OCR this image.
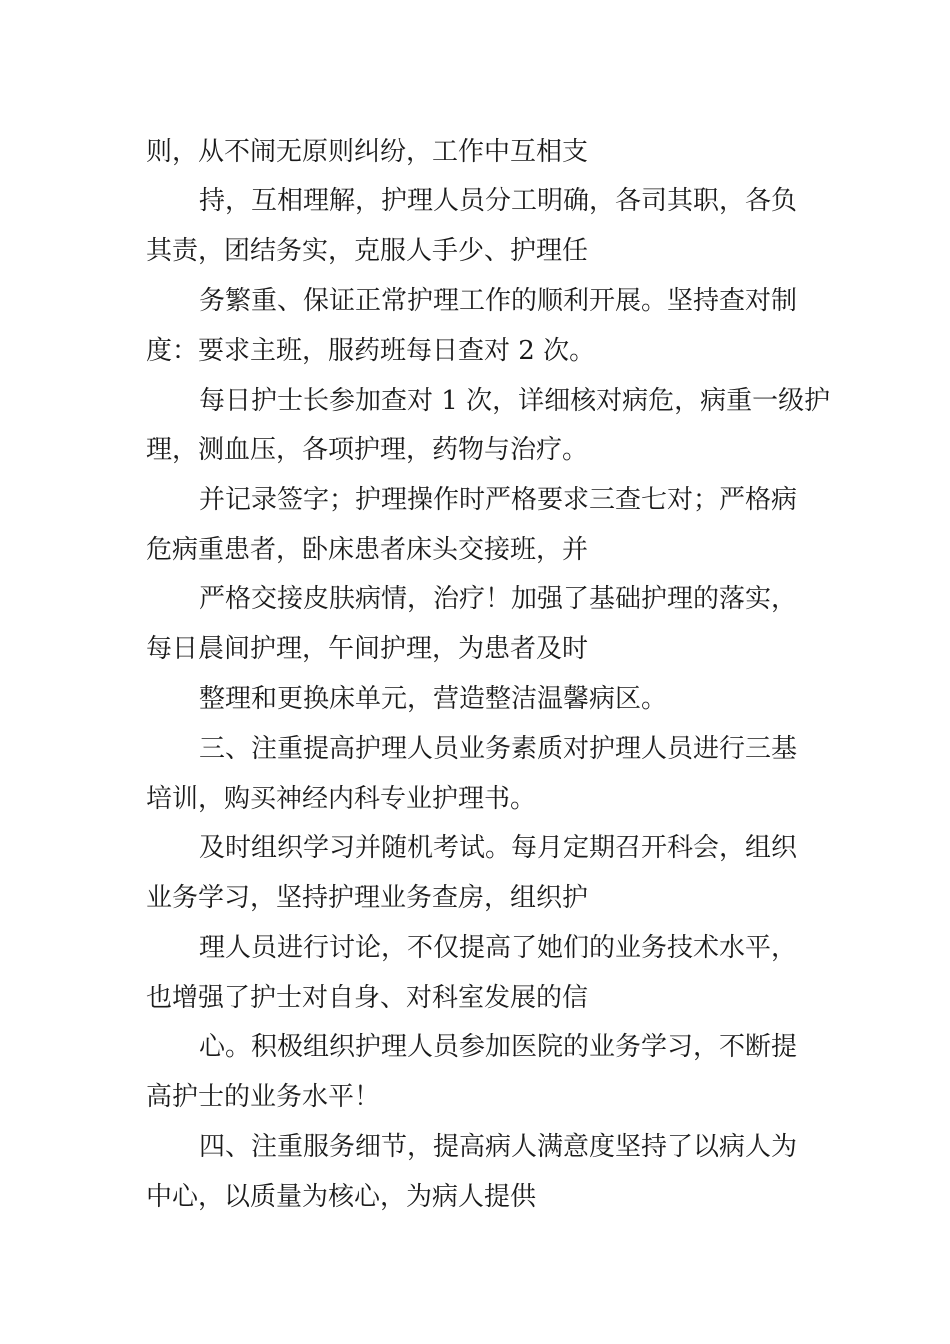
则，从不闹无原则纠纷，工作中互相支

持，互相理解，护理人员分工明确，各司其职，各负

其责，团结务实，克服人手少、护理任

务繁重、保证正常护理工作的顺利开展。坚持查对制

度：要求主班，服药班每日查对 2 次。

每日护士长参加查对 1 次，详细核对病危，病重一级护

理，测血压，各项护理，药物与治疗。

并记录签字；护理操作时严格要求三查七对；严格病

危病重患者，卧床患者床头交接班，并

严格交接皮肤病情，治疗！加强了基础护理的落实，

每日晨间护理，午间护理，为患者及时

整理和更换床单元，营造整洁温馨病区。

三、注重提高护理人员业务素质对护理人员进行三基

培训，购买神经内科专业护理书。

及时组织学习并随机考试。每月定期召开科会，组织

业务学习，坚持护理业务查房，组织护

理人员进行讨论，不仅提高了她们的业务技术水平，

也增强了护士对自身、对科室发展的信

心。积极组织护理人员参加医院的业务学习，不断提

高护士的业务水平！

四、注重服务细节，提高病人满意度坚持了以病人为

中心，以质量为核心，为病人提供
